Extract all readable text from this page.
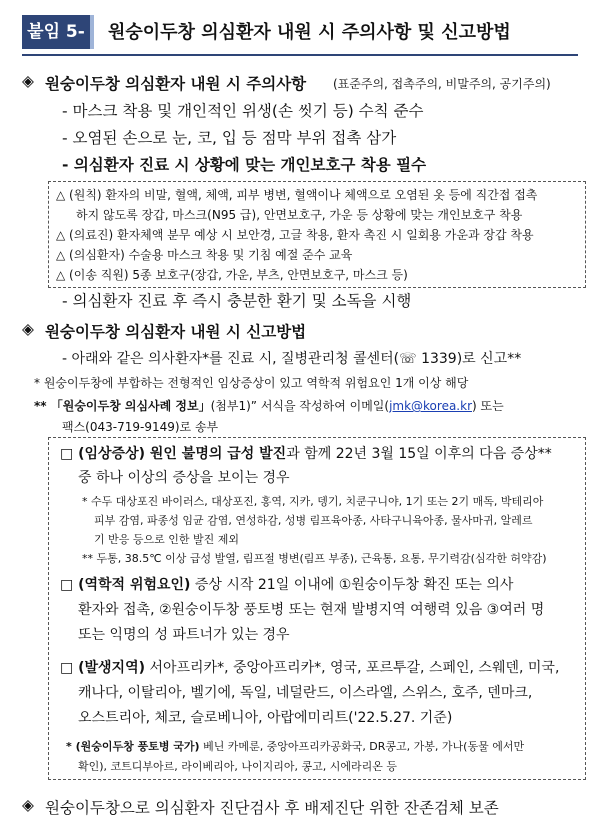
붙임 5-1
원숭이두창 의심환자 내원 시 주의사항 및 신고방법
◈ 원숭이두창 의심환자 내원 시 주의사항 (표준주의, 접촉주의, 비말주의, 공기주의)
- 마스크 착용 및 개인적인 위생(손 씻기 등) 수칙 준수
- 오염된 손으로 눈, 코, 입 등 점막 부위 접촉 삼가
- 의심환자 진료 시 상황에 맞는 개인보호구 착용 필수
△ (원칙) 환자의 비말, 혈액, 체액, 피부 병변, 혈액이나 체액으로 오염된 옷 등에 직간접 접촉
하지 않도록 장갑, 마스크(N95 급), 안면보호구, 가운 등 상황에 맞는 개인보호구 착용
△ (의료진) 환자체액 분무 예상 시 보안경, 고글 착용, 환자 촉진 시 일회용 가운과 장갑 착용
△ (의심환자) 수술용 마스크 착용 및 기침 예절 준수 교육
△ (이송 직원) 5종 보호구(장갑, 가운, 부츠, 안면보호구, 마스크 등)
- 의심환자 진료 후 즉시 충분한 환기 및 소독을 시행
◈ 원숭이두창 의심환자 내원 시 신고방법
- 아래와 같은 의사환자*를 진료 시, 질병관리청 콜센터(☏ 1339)로 신고**
* 원숭이두창에 부합하는 전형적인 임상증상이 있고 역학적 위험요인 1개 이상 해당
** 「원숭이두창 의심사례 정보」(첨부1)” 서식을 작성하여 이메일(jmk@korea.kr) 또는
팩스(043-719-9149)로 송부
□ (임상증상) 원인 불명의 급성 발진과 함께 22년 3월 15일 이후의 다음 증상**
중 하나 이상의 증상을 보이는 경우
* 수두 대상포진 바이러스, 대상포진, 홍역, 지카, 뎅기, 치쿤구니야, 1기 또는 2기 매독, 박테리아
피부 감염, 파종성 임균 감염, 연성하감, 성병 림프육아종, 사타구니육아종, 물사마귀, 알레르
기 반응 등으로 인한 발진 제외
** 두통, 38.5℃ 이상 급성 발열, 림프절 병변(림프 부종), 근육통, 요통, 무기력감(심각한 허약감)
□ (역학적 위험요인) 증상 시작 21일 이내에 ①원숭이두창 확진 또는 의사
환자와 접촉, ②원숭이두창 풍토병 또는 현재 발병지역 여행력 있음 ③여러 명
또는 익명의 성 파트너가 있는 경우
□ (발생지역) 서아프리카*, 중앙아프리카*, 영국, 포르투갈, 스페인, 스웨덴, 미국,
캐나다, 이탈리아, 벨기에, 독일, 네덜란드, 이스라엘, 스위스, 호주, 덴마크,
오스트리아, 체코, 슬로베니아, 아랍에미리트('22.5.27. 기준)
* (원숭이두창 풍토병 국가) 베닌 카메룬, 중앙아프리카공화국, DR콩고, 가봉, 가나(동물 에서만
확인), 코트디부아르, 라이베리아, 나이지리아, 콩고, 시에라리온 등
◈ 원숭이두창으로 의심환자 진단검사 후 배제진단 위한 잔존검체 보존
